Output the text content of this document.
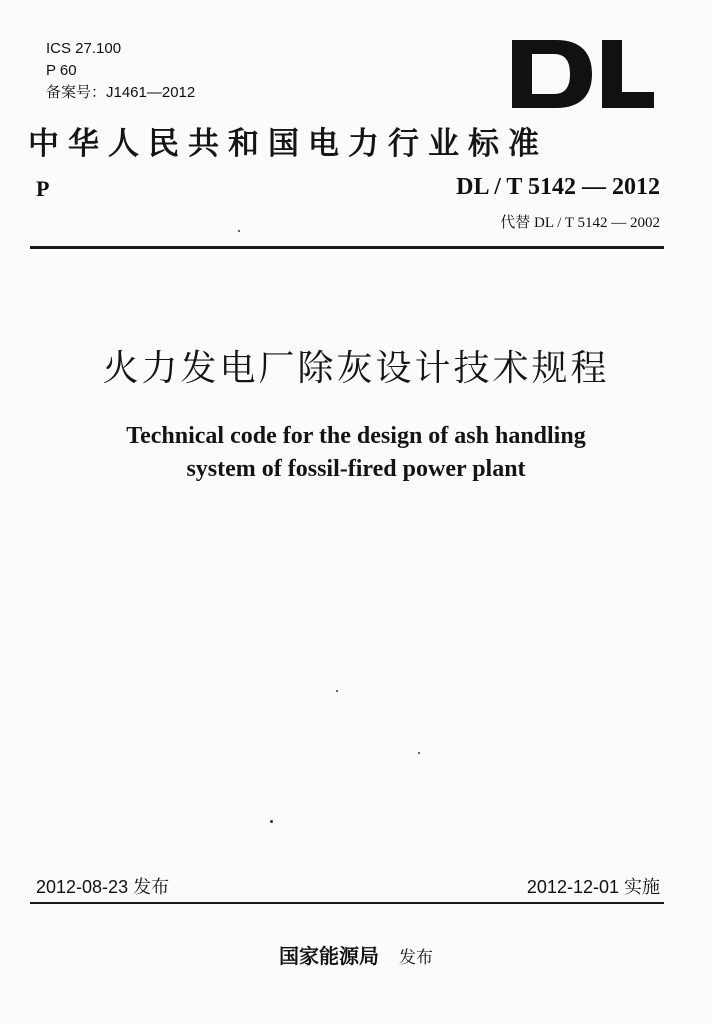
ICS 27.100
P 60
备案号：J1461—2012
中华人民共和国电力行业标准
P	DL / T 5142 — 2012
代替 DL / T 5142 — 2002
火力发电厂除灰设计技术规程
Technical code for the design of ash handling
system of fossil-fired power plant
2012-08-23 发布	2012-12-01 实施
国家能源局 发布
